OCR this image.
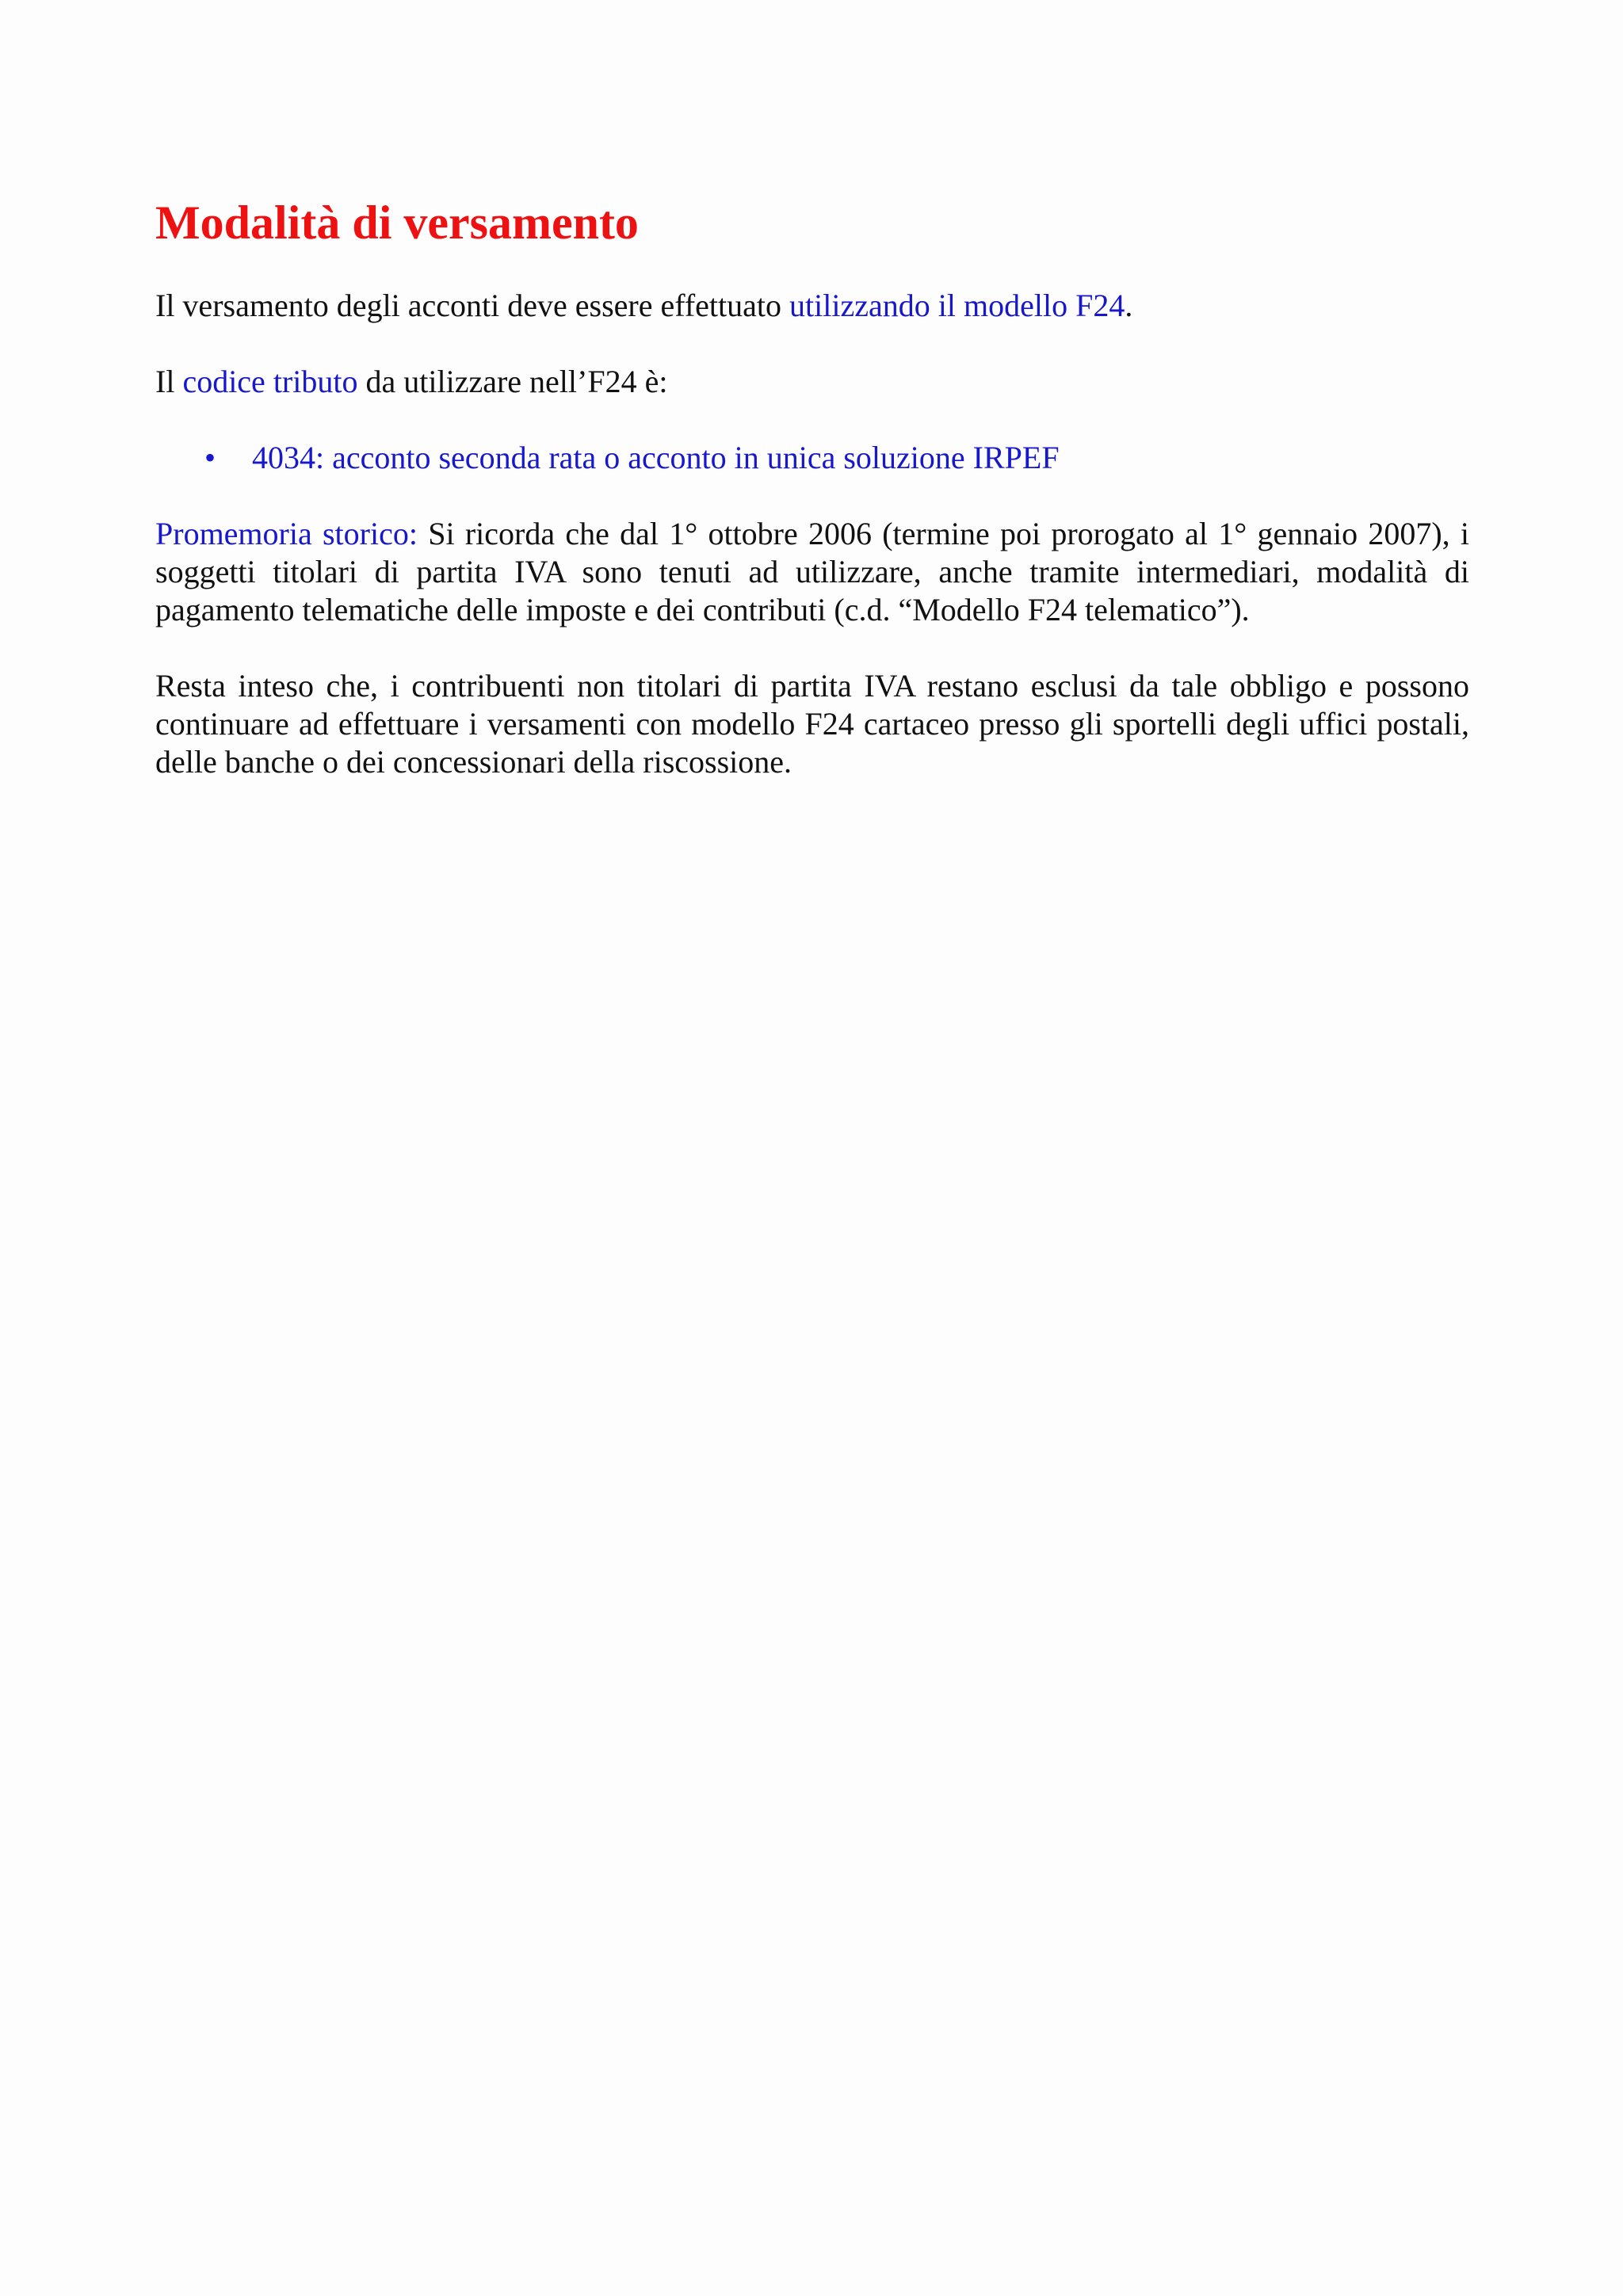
Modalità di versamento

Il versamento degli acconti deve essere effettuato utilizzando il modello F24.

Il codice tributo da utilizzare nell’F24 è:

• 4034: acconto seconda rata o acconto in unica soluzione IRPEF

Promemoria storico: Si ricorda che dal 1° ottobre 2006 (termine poi prorogato al 1° gennaio 2007), i soggetti titolari di partita IVA sono tenuti ad utilizzare, anche tramite intermediari, modalità di pagamento telematiche delle imposte e dei contributi (c.d. “Modello F24 telematico”).

Resta inteso che, i contribuenti non titolari di partita IVA restano esclusi da tale obbligo e possono continuare ad effettuare i versamenti con modello F24 cartaceo presso gli sportelli degli uffici postali, delle banche o dei concessionari della riscossione.
